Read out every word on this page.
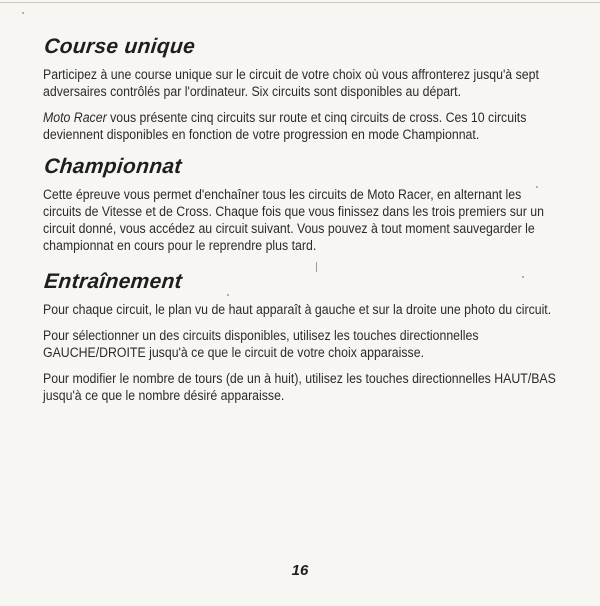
Course unique

Participez à une course unique sur le circuit de votre choix où vous affronterez jusqu'à sept adversaires contrôlés par l'ordinateur. Six circuits sont disponibles au départ.

Moto Racer vous présente cinq circuits sur route et cinq circuits de cross. Ces 10 circuits deviennent disponibles en fonction de votre progression en mode Championnat.

Championnat

Cette épreuve vous permet d'enchaîner tous les circuits de Moto Racer, en alternant les circuits de Vitesse et de Cross. Chaque fois que vous finissez dans les trois premiers sur un circuit donné, vous accédez au circuit suivant. Vous pouvez à tout moment sauvegarder le championnat en cours pour le reprendre plus tard.

Entraînement

Pour chaque circuit, le plan vu de haut apparaît à gauche et sur la droite une photo du circuit.

Pour sélectionner un des circuits disponibles, utilisez les touches directionnelles GAUCHE/DROITE jusqu'à ce que le circuit de votre choix apparaisse.

Pour modifier le nombre de tours (de un à huit), utilisez les touches directionnelles HAUT/BAS jusqu'à ce que le nombre désiré apparaisse.

16
